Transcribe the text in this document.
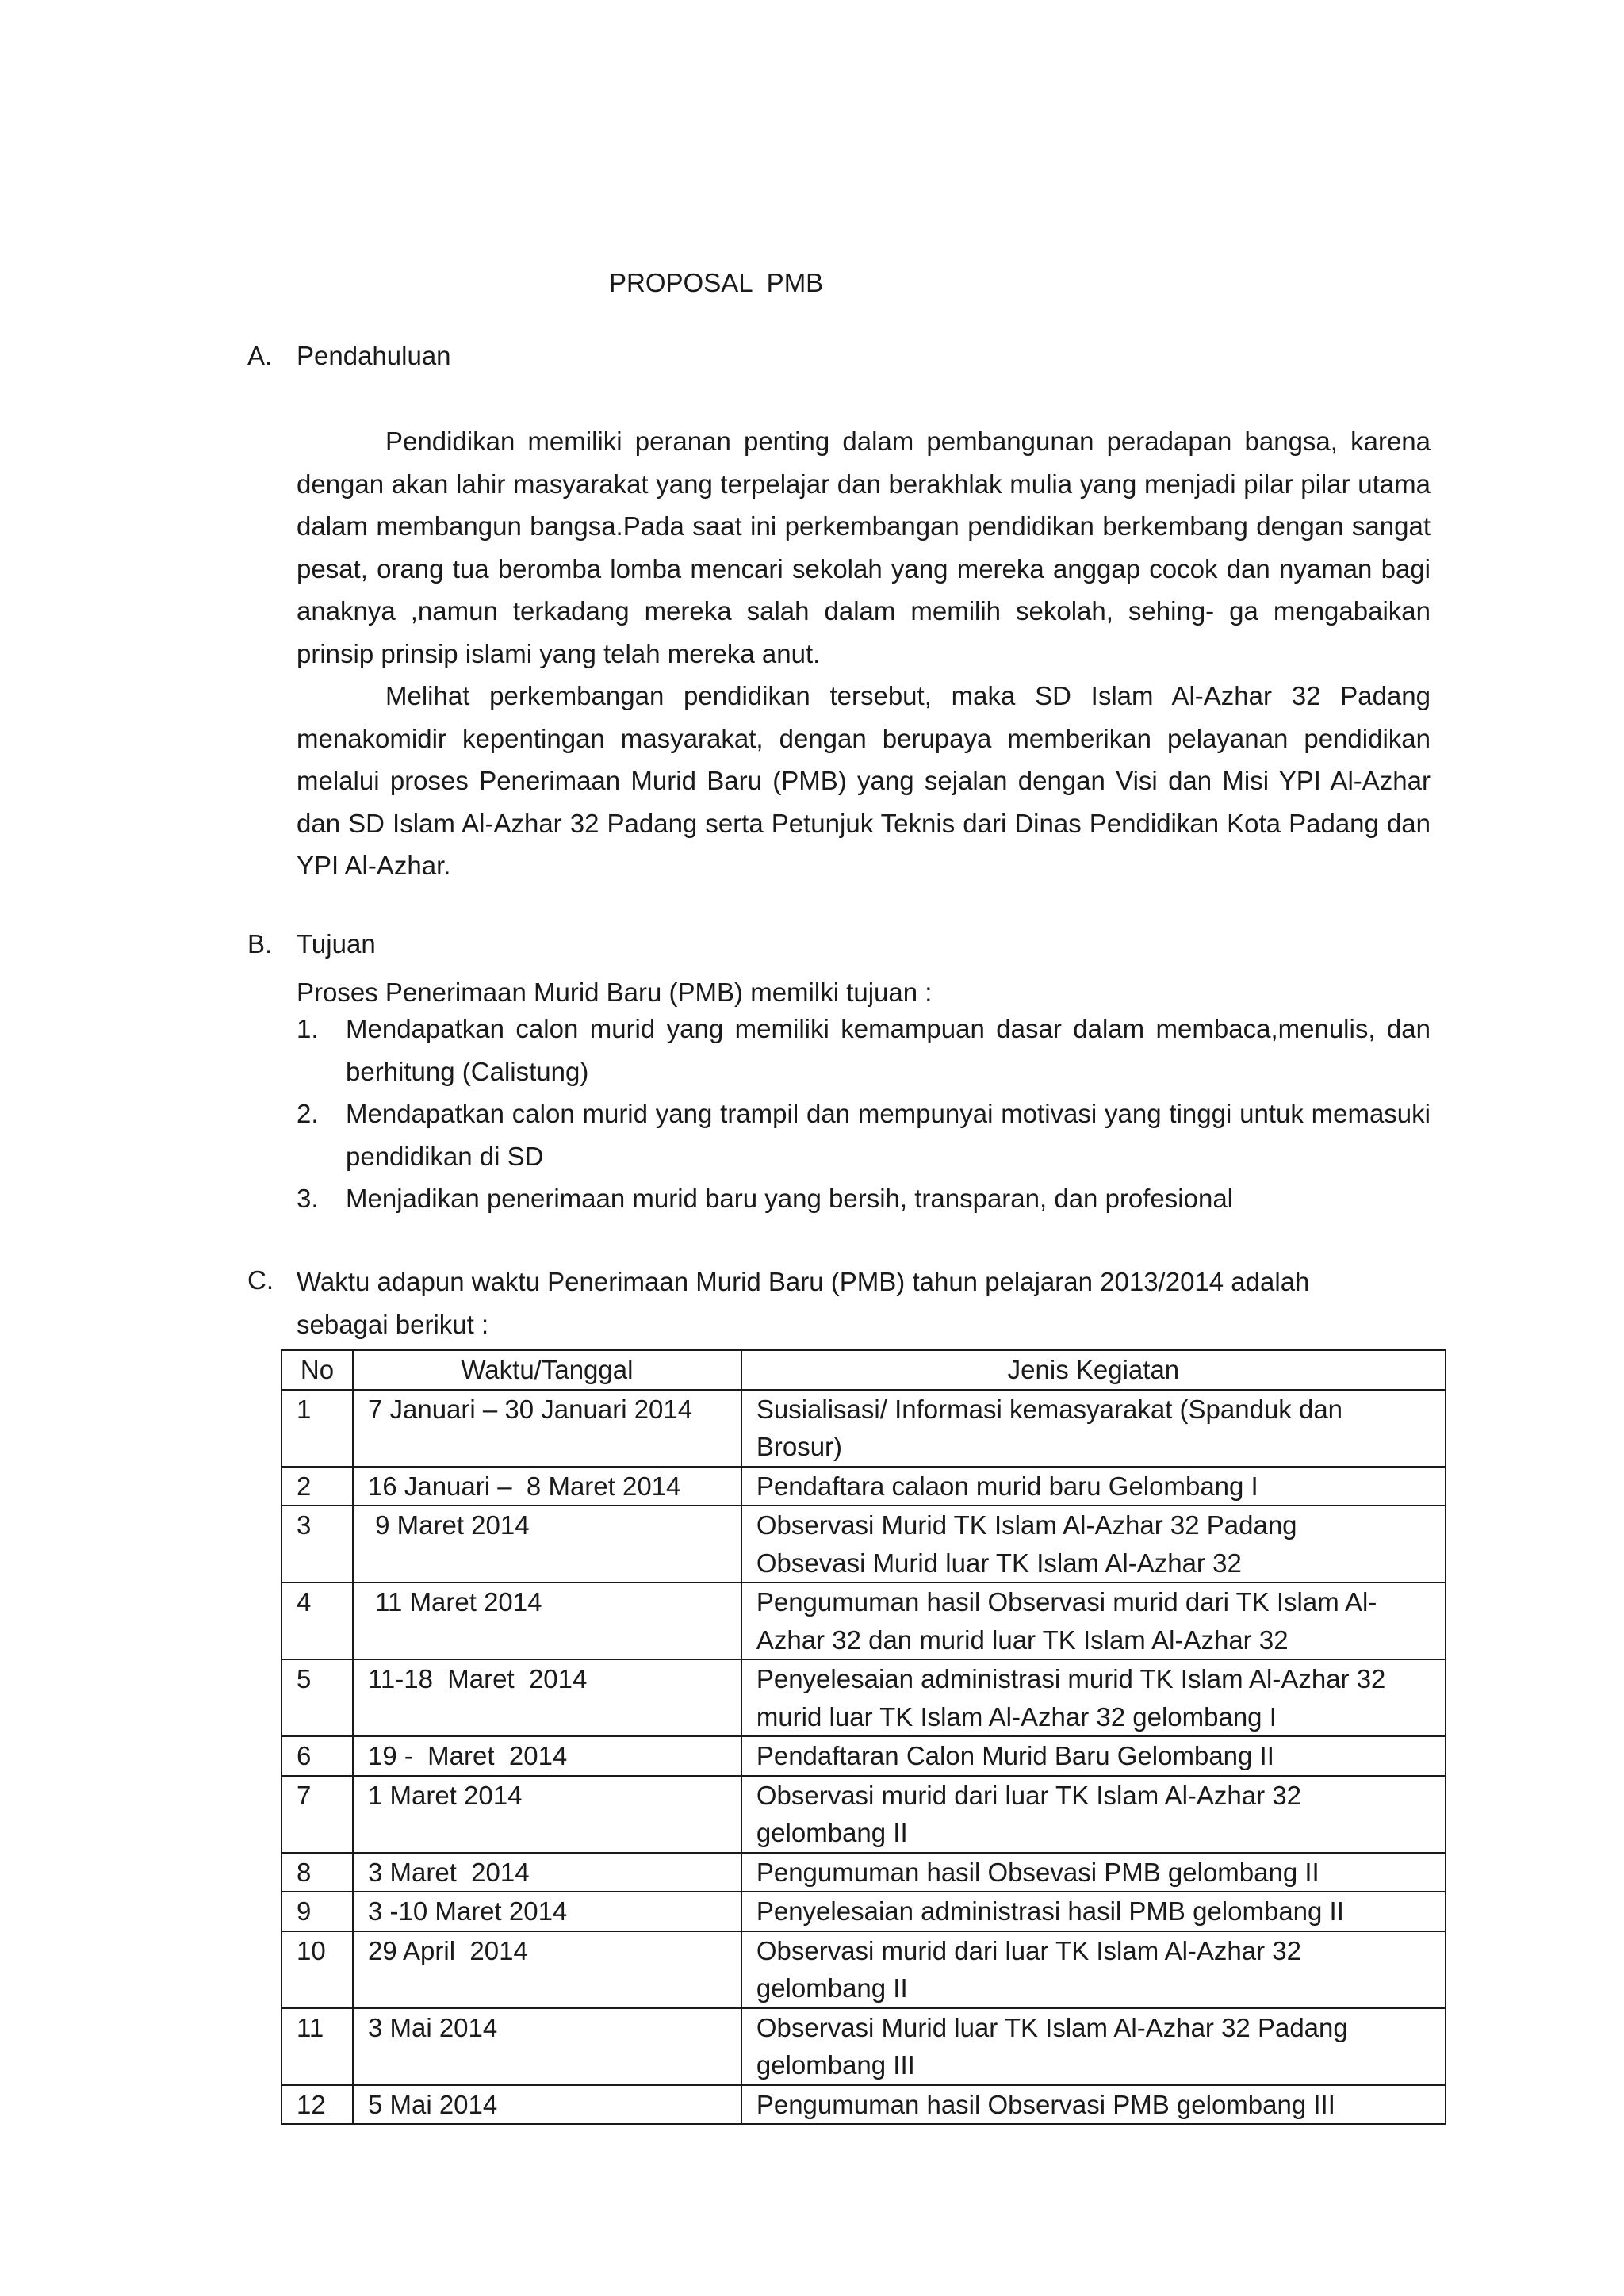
PROPOSAL  PMB
A. Pendahuluan

Pendidikan memiliki peranan penting dalam pembangunan peradapan bangsa, karena dengan akan lahir masyarakat yang terpelajar dan berakhlak mulia yang menjadi pilar pilar utama dalam membangun bangsa.Pada saat ini perkembangan pendidikan berkembang dengan sangat pesat, orang tua beromba lomba mencari sekolah yang mereka anggap cocok dan nyaman bagi anaknya ,namun terkadang mereka salah dalam memilih sekolah, sehing- ga mengabaikan prinsip prinsip islami yang telah mereka anut.

Melihat perkembangan pendidikan tersebut, maka SD Islam Al-Azhar 32 Padang menakomidir kepentingan masyarakat, dengan berupaya memberikan pelayanan pendidikan melalui proses Penerimaan Murid Baru (PMB) yang sejalan dengan Visi dan Misi YPI Al-Azhar dan SD Islam Al-Azhar 32 Padang serta Petunjuk Teknis dari Dinas Pendidikan Kota Padang dan YPI Al-Azhar.

B. Tujuan

Proses Penerimaan Murid Baru (PMB) memilki tujuan :

1. Mendapatkan calon murid yang memiliki kemampuan dasar dalam membaca,menulis, dan berhitung (Calistung)
2. Mendapatkan calon murid yang trampil dan mempunyai motivasi yang tinggi untuk memasuki pendidikan di SD
3. Menjadikan penerimaan murid baru yang bersih, transparan, dan profesional
C. Waktu adapun waktu Penerimaan Murid Baru (PMB) tahun pelajaran 2013/2014 adalah sebagai berikut :

No	Waktu/Tanggal	Jenis Kegiatan
1	7 Januari – 30 Januari 2014	Susialisasi/ Informasi kemasyarakat (Spanduk dan Brosur)
2	16 Januari –  8 Maret 2014	Pendaftara calaon murid baru Gelombang I
3	9 Maret 2014	Observasi Murid TK Islam Al-Azhar 32 Padang
Obsevasi Murid luar TK Islam Al-Azhar 32
4	11 Maret 2014	Pengumuman hasil Observasi murid dari TK Islam Al-Azhar 32 dan murid luar TK Islam Al-Azhar 32
5	11-18  Maret  2014	Penyelesaian administrasi murid TK Islam Al-Azhar 32 murid luar TK Islam Al-Azhar 32 gelombang I
6	19 -  Maret  2014	Pendaftaran Calon Murid Baru Gelombang II
7	1 Maret 2014	Observasi murid dari luar TK Islam Al-Azhar 32 gelombang II
8	3 Maret  2014	Pengumuman hasil Obsevasi PMB gelombang II
9	3 -10 Maret 2014	Penyelesaian administrasi hasil PMB gelombang II
10	29 April  2014	Observasi murid dari luar TK Islam Al-Azhar 32 gelombang II
11	3 Mai 2014	Observasi Murid luar TK Islam Al-Azhar 32 Padang gelombang III
12	5 Mai 2014	Pengumuman hasil Observasi PMB gelombang III
